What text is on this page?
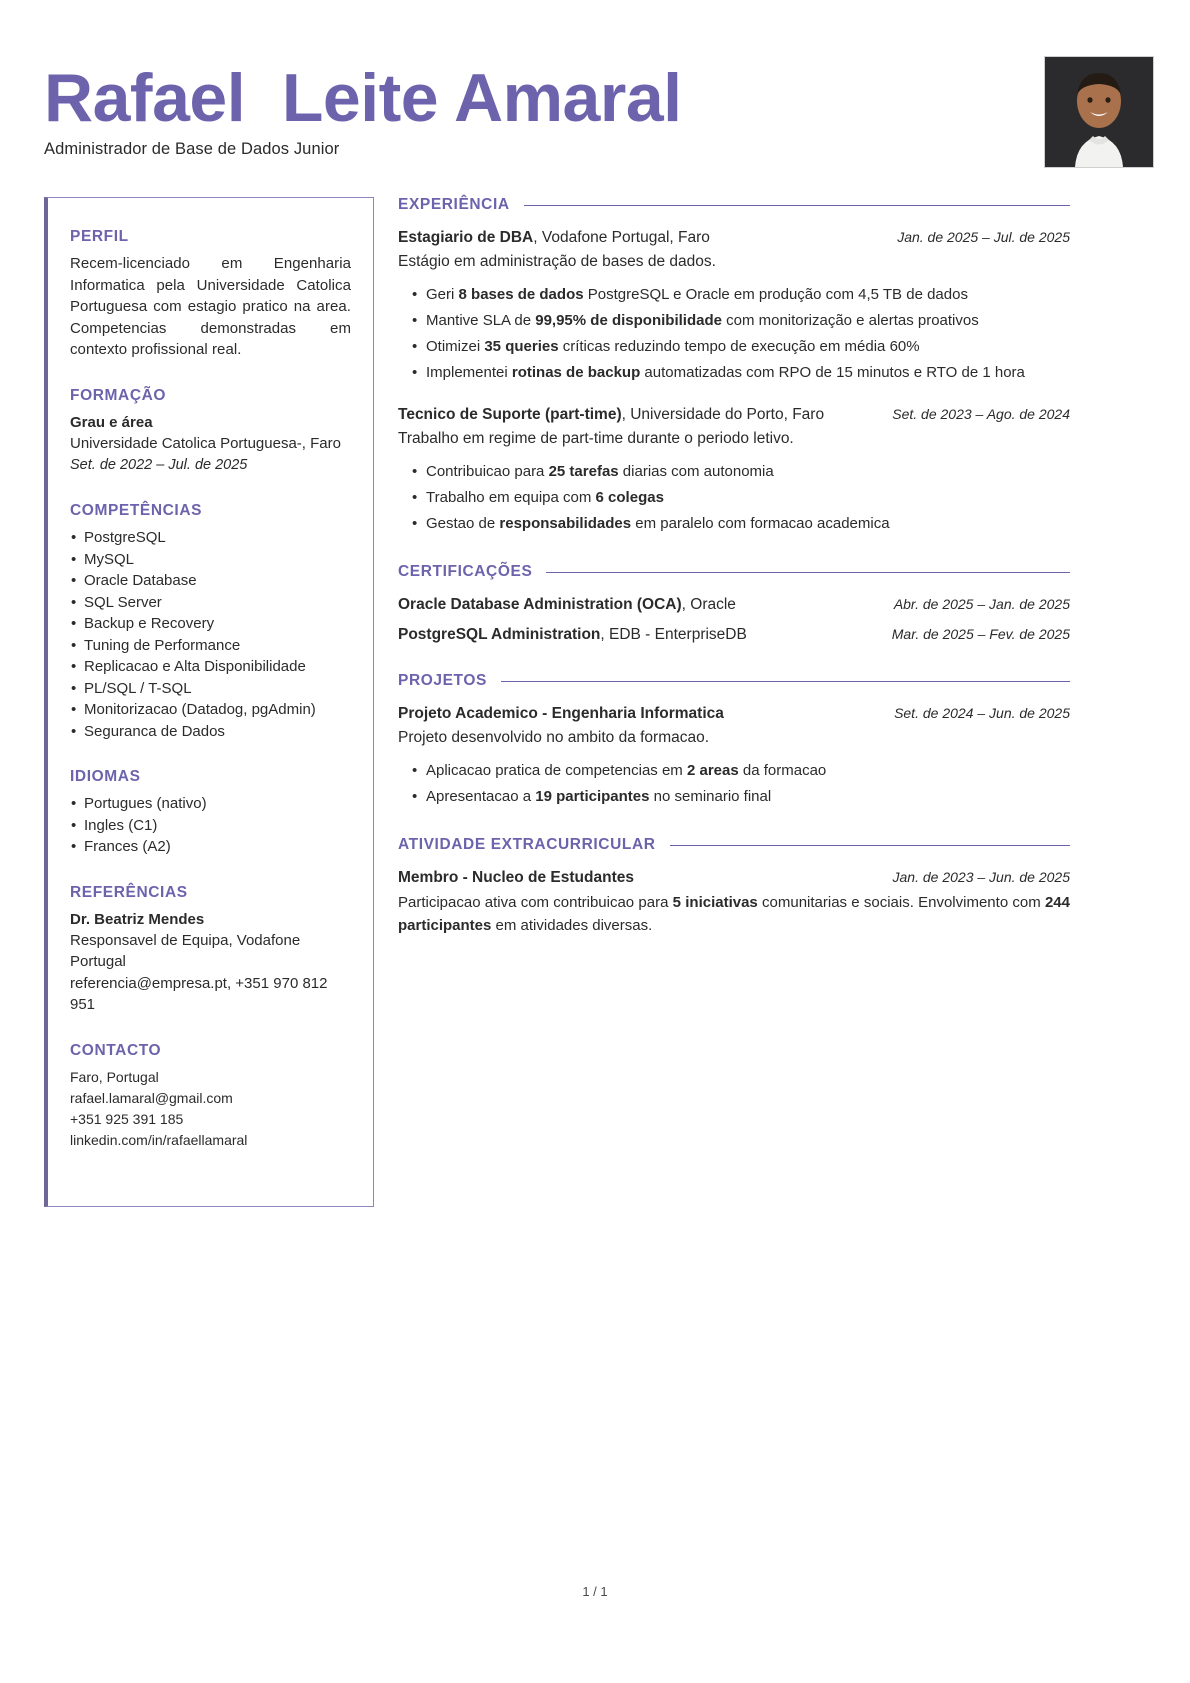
Rafael  Leite Amaral
Administrador de Base de Dados Junior
PERFIL
Recem-licenciado em Engenharia Informatica pela Universidade Catolica Portuguesa com estagio pratico na area. Competencias demonstradas em contexto profissional real.
FORMAÇÃO
Grau e área
Universidade Catolica Portuguesa-, Faro
Set. de 2022 – Jul. de 2025
COMPETÊNCIAS
• PostgreSQL
• MySQL
• Oracle Database
• SQL Server
• Backup e Recovery
• Tuning de Performance
• Replicacao e Alta Disponibilidade
• PL/SQL / T-SQL
• Monitorizacao (Datadog, pgAdmin)
• Seguranca de Dados
IDIOMAS
• Portugues (nativo)
• Ingles (C1)
• Frances (A2)
REFERÊNCIAS
Dr. Beatriz Mendes
Responsavel de Equipa, Vodafone Portugal
referencia@empresa.pt, +351 970 812 951
CONTACTO
Faro, Portugal
rafael.lamaral@gmail.com
+351 925 391 185
linkedin.com/in/rafaellamaral
EXPERIÊNCIA
Estagiario de DBA, Vodafone Portugal, Faro	Jan. de 2025 – Jul. de 2025
Estágio em administração de bases de dados.
• Geri 8 bases de dados PostgreSQL e Oracle em produção com 4,5 TB de dados
• Mantive SLA de 99,95% de disponibilidade com monitorização e alertas proativos
• Otimizei 35 queries críticas reduzindo tempo de execução em média 60%
• Implementei rotinas de backup automatizadas com RPO de 15 minutos e RTO de 1 hora
Tecnico de Suporte (part-time), Universidade do Porto, Faro	Set. de 2023 – Ago. de 2024
Trabalho em regime de part-time durante o periodo letivo.
• Contribuicao para 25 tarefas diarias com autonomia
• Trabalho em equipa com 6 colegas
• Gestao de responsabilidades em paralelo com formacao academica
CERTIFICAÇÕES
Oracle Database Administration (OCA), Oracle	Abr. de 2025 – Jan. de 2025
PostgreSQL Administration, EDB - EnterpriseDB	Mar. de 2025 – Fev. de 2025
PROJETOS
Projeto Academico - Engenharia Informatica	Set. de 2024 – Jun. de 2025
Projeto desenvolvido no ambito da formacao.
• Aplicacao pratica de competencias em 2 areas da formacao
• Apresentacao a 19 participantes no seminario final
ATIVIDADE EXTRACURRICULAR
Membro - Nucleo de Estudantes	Jan. de 2023 – Jun. de 2025
Participacao ativa com contribuicao para 5 iniciativas comunitarias e sociais. Envolvimento com 244 participantes em atividades diversas.
1 / 1
